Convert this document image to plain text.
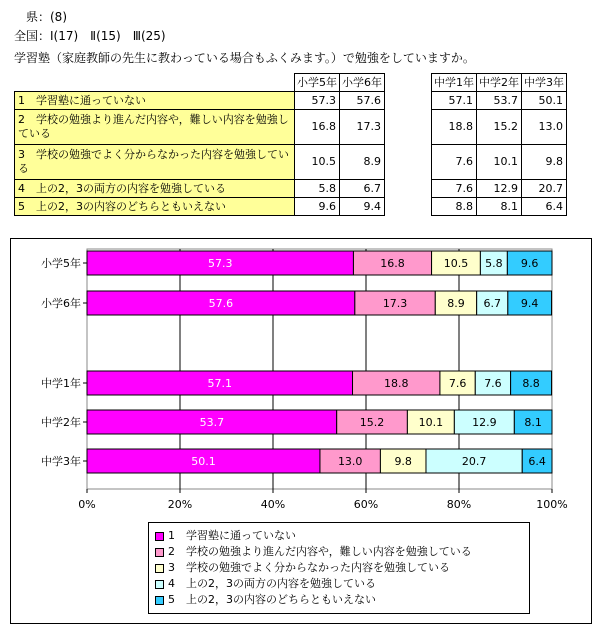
　県：(8)
全国：Ⅰ(17)　Ⅱ(15)　Ⅲ(25)
学習塾（家庭教師の先生に教わっている場合もふくみます。）で勉強をしていますか。
	小学5年	小学6年		中学1年	中学2年	中学3年
1　学習塾に通っていない	57.3	57.6		57.1	53.7	50.1
2　学校の勉強より進んだ内容や，難しい内容を勉強している	16.8	17.3		18.8	15.2	13.0
3　学校の勉強でよく分からなかった内容を勉強している	10.5	8.9		7.6	10.1	9.8
4　上の2，3の両方の内容を勉強している	5.8	6.7		7.6	12.9	20.7
5　上の2，3の内容のどちらともいえない	9.6	9.4		8.8	8.1	6.4
0%	20%	40%	60%	80%	100%
小学5年	57.3	16.8	10.5 5.8 9.6
小学6年	57.6	17.3	8.9 6.7 9.4
中学1年	57.1	18.8	7.6 7.6 8.8
中学2年	53.7	15.2	10.1	12.9	8.1
中学3年	50.1	13.0	9.8	20.7	6.4
1　学習塾に通っていない
2　学校の勉強より進んだ内容や，難しい内容を勉強している
3　学校の勉強でよく分からなかった内容を勉強している
4　上の2，3の両方の内容を勉強している
5　上の2，3の内容のどちらともいえない
